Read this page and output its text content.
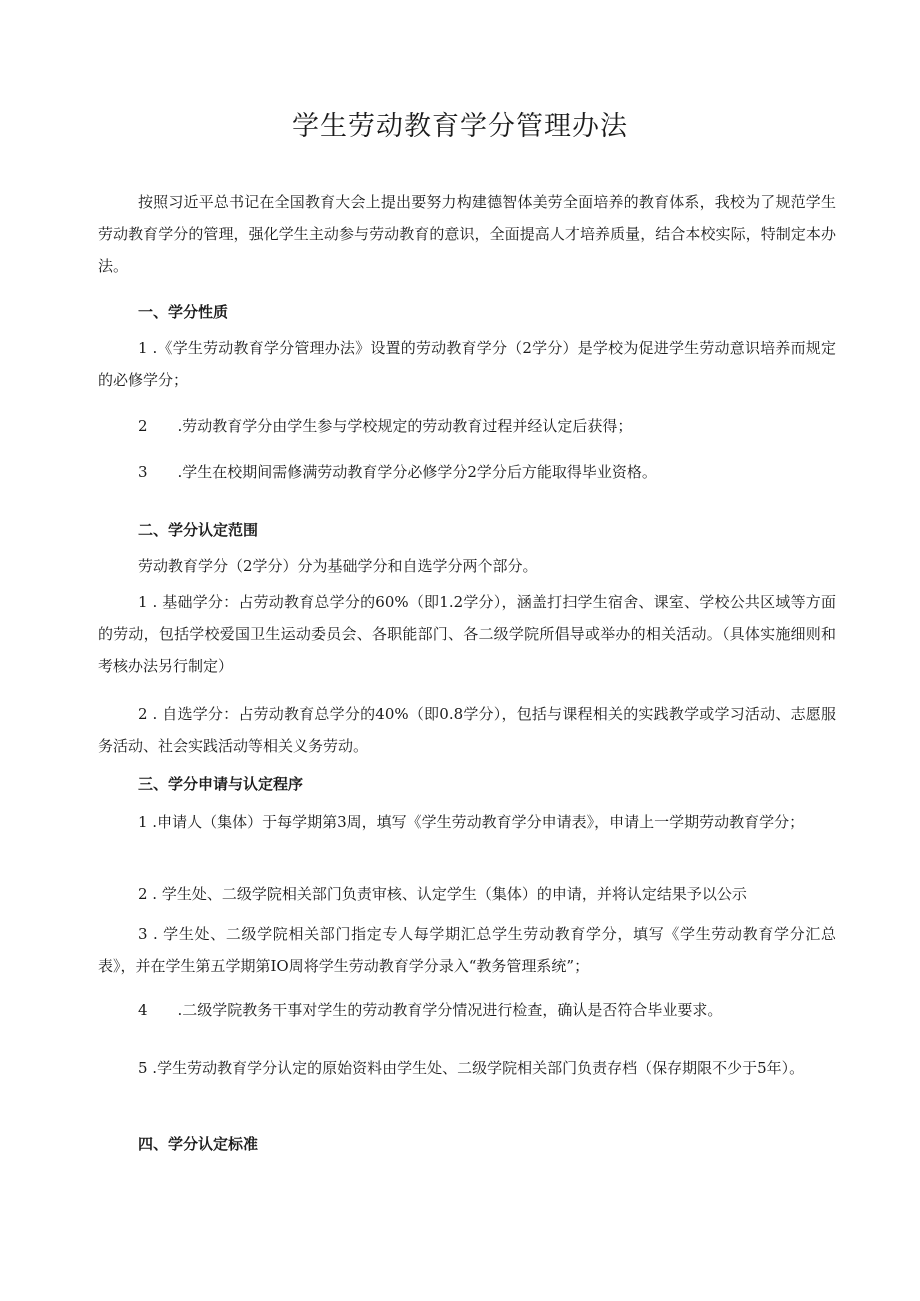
学生劳动教育学分管理办法

按照习近平总书记在全国教育大会上提出要努力构建德智体美劳全面培养的教育体系，我校为了规范学生劳动教育学分的管理，强化学生主动参与劳动教育的意识，全面提高人才培养质量，结合本校实际，特制定本办法。

一、学分性质

1 .《学生劳动教育学分管理办法》设置的劳动教育学分（2学分）是学校为促进学生劳动意识培养而规定的必修学分；

2　　.劳动教育学分由学生参与学校规定的劳动教育过程并经认定后获得；

3　　.学生在校期间需修满劳动教育学分必修学分2学分后方能取得毕业资格。

二、学分认定范围

劳动教育学分（2学分）分为基础学分和自选学分两个部分。

1 . 基础学分：占劳动教育总学分的60%（即1.2学分），涵盖打扫学生宿舍、课室、学校公共区域等方面的劳动，包括学校爱国卫生运动委员会、各职能部门、各二级学院所倡导或举办的相关活动。（具体实施细则和考核办法另行制定）

2 . 自选学分：占劳动教育总学分的40%（即0.8学分），包括与课程相关的实践教学或学习活动、志愿服务活动、社会实践活动等相关义务劳动。

三、学分申请与认定程序

1 .申请人（集体）于每学期第3周，填写《学生劳动教育学分申请表》，申请上一学期劳动教育学分；

2 . 学生处、二级学院相关部门负责审核、认定学生（集体）的申请，并将认定结果予以公示

3 . 学生处、二级学院相关部门指定专人每学期汇总学生劳动教育学分，填写《学生劳动教育学分汇总表》，并在学生第五学期第IO周将学生劳动教育学分录入“教务管理系统”；

4　　.二级学院教务干事对学生的劳动教育学分情况进行检查，确认是否符合毕业要求。

5 .学生劳动教育学分认定的原始资料由学生处、二级学院相关部门负责存档（保存期限不少于5年）。

四、学分认定标准
